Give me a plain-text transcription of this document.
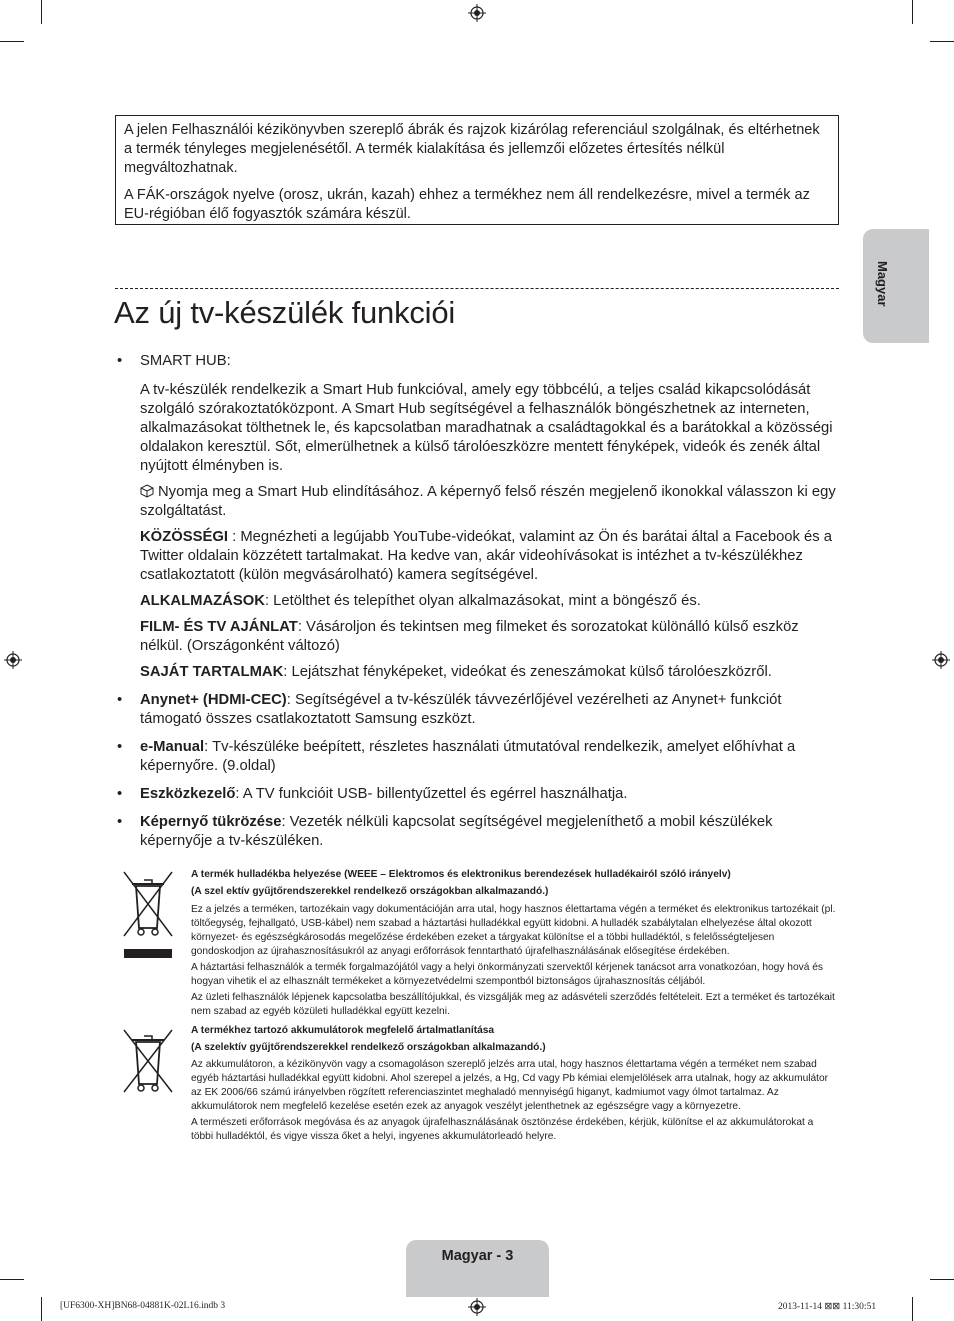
Magyar

A jelen Felhasználói kézikönyvben szereplő ábrák és rajzok kizárólag referenciául szolgálnak, és eltérhetnek a termék tényleges megjelenésétől. A termék kialakítása és jellemzői előzetes értesítés nélkül megváltozhatnak.

A FÁK-országok nyelve (orosz, ukrán, kazah) ehhez a termékhez nem áll rendelkezésre, mivel a termék az EU-régióban élő fogyasztók számára készül.

Az új tv-készülék funkciói
• SMART HUB:

A tv-készülék rendelkezik a Smart Hub funkcióval, amely egy többcélú, a teljes család kikapcsolódását szolgáló szórakoztatóközpont. A Smart Hub segítségével a felhasználók böngészhetnek az interneten, alkalmazásokat tölthetnek le, és kapcsolatban maradhatnak a családtagokkal és a barátokkal a közösségi oldalakon keresztül. Sőt, elmerülhetnek a külső tárolóeszközre mentett fényképek, videók és zenék által nyújtott élményben is.

Nyomja meg a Smart Hub elindításához. A képernyő felső részén megjelenő ikonokkal válasszon ki egy szolgáltatást.

KÖZÖSSÉGI : Megnézheti a legújabb YouTube-videókat, valamint az Ön és barátai által a Facebook és a Twitter oldalain közzétett tartalmakat. Ha kedve van, akár videohívásokat is intézhet a tv-készülékhez csatlakoztatott (külön megvásárolható) kamera segítségével.

ALKALMAZÁSOK: Letölthet és telepíthet olyan alkalmazásokat, mint a böngésző és.

FILM- ÉS TV AJÁNLAT: Vásároljon és tekintsen meg filmeket és sorozatokat különálló külső eszköz nélkül. (Országonként változó)

SAJÁT TARTALMAK: Lejátszhat fényképeket, videókat és zeneszámokat külső tárolóeszközről.

• Anynet+ (HDMI-CEC): Segítségével a tv-készülék távvezérlőjével vezérelheti az Anynet+ funkciót támogató összes csatlakoztatott Samsung eszközt.
• e-Manual: Tv-készüléke beépített, részletes használati útmutatóval rendelkezik, amelyet előhívhat a képernyőre. (9.oldal)
• Eszközkezelő: A TV funkcióit USB- billentyűzettel és egérrel használhatja.
• Képernyő tükrözése: Vezeték nélküli kapcsolat segítségével megjeleníthető a mobil készülékek képernyője a tv-készüléken.
A termék hulladékba helyezése (WEEE – Elektromos és elektronikus berendezések hulladékairól szóló irányelv)
(A szel ektív gyűjtőrendszerekkel rendelkező országokban alkalmazandó.)
Ez a jelzés a terméken, tartozékain vagy dokumentációján arra utal, hogy hasznos élettartama végén a terméket és elektronikus tartozékait (pl. töltőegység, fejhallgató, USB-kábel) nem szabad a háztartási hulladékkal együtt kidobni. A hulladék szabálytalan elhelyezése által okozott környezet- és egészségkárosodás megelőzése érdekében ezeket a tárgyakat különítse el a többi hulladéktól, s felelősségteljesen gondoskodjon az újrahasznosításukról az anyagi erőforrások fenntartható újrafelhasználásának elősegítése érdekében.
A háztartási felhasználók a termék forgalmazójától vagy a helyi önkormányzati szervektől kérjenek tanácsot arra vonatkozóan, hogy hová és hogyan vihetik el az elhasznált termékeket a környezetvédelmi szempontból biztonságos újrahasznosítás céljából.
Az üzleti felhasználók lépjenek kapcsolatba beszállítójukkal, és vizsgálják meg az adásvételi szerződés feltételeit. Ezt a terméket és tartozékait nem szabad az egyéb közületi hulladékkal együtt kezelni.
A termékhez tartozó akkumulátorok megfelelő ártalmatlanítása
(A szelektív gyűjtőrendszerekkel rendelkező országokban alkalmazandó.)
Az akkumulátoron, a kézikönyvön vagy a csomagoláson szereplő jelzés arra utal, hogy hasznos élettartama végén a terméket nem szabad egyéb háztartási hulladékkal együtt kidobni. Ahol szerepel a jelzés, a Hg, Cd vagy Pb kémiai elemjelölések arra utalnak, hogy az akkumulátor az EK 2006/66 számú irányelvben rögzített referenciaszintet meghaladó mennyiségű higanyt, kadmiumot vagy ólmot tartalmaz. Az akkumulátorok nem megfelelő kezelése esetén ezek az anyagok veszélyt jelenthetnek az egészségre vagy a környezetre.
A természeti erőforrások megóvása és az anyagok újrafelhasználásának ösztönzése érdekében, kérjük, különítse el az akkumulátorokat a többi hulladéktól, és vigye vissza őket a helyi, ingyenes akkumulátorleadó helyre.
Magyar - 3
[UF6300-XH]BN68-04881K-02L16.indb 3	2013-11-14 ⊠⊠ 11:30:51
